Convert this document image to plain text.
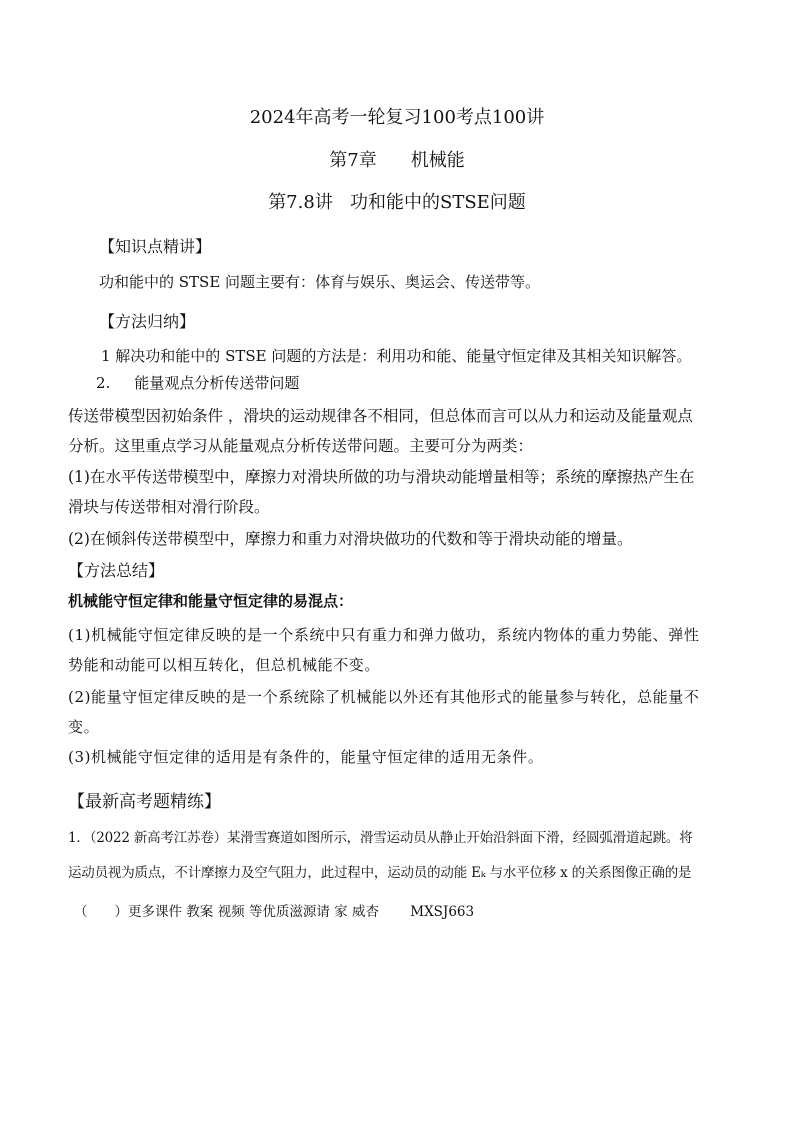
2024年高考一轮复习100考点100讲
第7章 机械能
第7.8讲 功和能中的STSE问题
【知识点精讲】
功和能中的 STSE 问题主要有：体育与娱乐、奥运会、传送带等。
【方法归纳】
1 解决功和能中的 STSE 问题的方法是：利用功和能、能量守恒定律及其相关知识解答。
2. 能量观点分析传送带问题
传送带模型因初始条件 ，滑块的运动规律各不相同，但总体而言可以从力和运动及能量观点
分析。这里重点学习从能量观点分析传送带问题。主要可分为两类：
(1)在水平传送带模型中，摩擦力对滑块所做的功与滑块动能增量相等；系统的摩擦热产生在
滑块与传送带相对滑行阶段。
(2)在倾斜传送带模型中，摩擦力和重力对滑块做功的代数和等于滑块动能的增量。
【方法总结】
机械能守恒定律和能量守恒定律的易混点：
(1)机械能守恒定律反映的是一个系统中只有重力和弹力做功，系统内物体的重力势能、弹性
势能和动能可以相互转化，但总机械能不变。
(2)能量守恒定律反映的是一个系统除了机械能以外还有其他形式的能量参与转化，总能量不
变。
(3)机械能守恒定律的适用是有条件的，能量守恒定律的适用无条件。
【最新高考题精练】
1．（2022 新高考江苏卷）某滑雪赛道如图所示，滑雪运动员从静止开始沿斜面下滑，经圆弧滑道起跳。将
运动员视为质点，不计摩擦力及空气阻力，此过程中，运动员的动能 Eₖ 与水平位移 x 的关系图像正确的是
（　　）更多课件 教案 视频 等优质滋源请 家 威杏　　 MXSJ663
